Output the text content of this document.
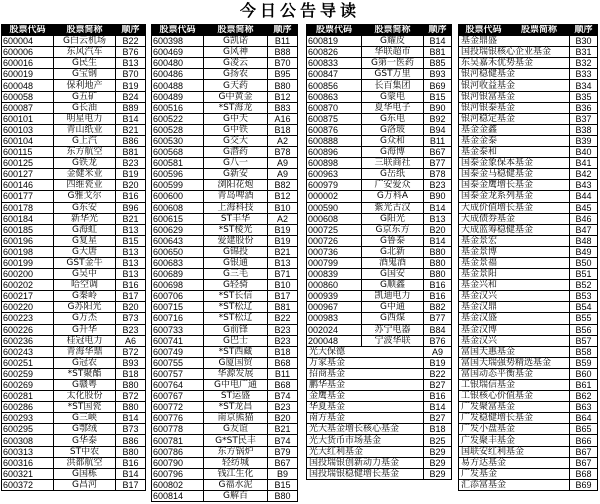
今日公告导读
股票代码	股票简称	顺序
600004	G白云机场	B22
600006	东风汽车	B76
600016	G民生	B13
600019	G宝钢	B70
600048	保利地产	B19
600058	G五矿	B24
600087	G长油	B89
600101	明星电力	B14
600103	青山纸业	B21
600104	G上汽	B86
600115	东方航空	B81
600125	G铁龙	B23
600127	金健米业	B19
600146	四维瓷业	B20
600177	G雅戈尔	B16
600178	G东安	B96
600184	新华光	B21
600185	G海虹	B13
600196	G复星	B15
600198	G大唐	B13
600199	GST金牛	B13
600200	G吴中	B13
600202	哈空调	B16
600217	G秦岭	B17
600220	G苏阳光	B20
600223	G万杰	B73
600226	G升华	B23
600236	桂冠电力	A6
600243	青海华鼎	B72
600251	G冠农	B93
600259	*ST聚酯	B18
600269	G赣粤	B80
600281	太化股份	B72
600286	*ST国瓷	B80
600293	G三峡	B14
600295	G鄂绒	B73
600308	G华泰	B86
600313	ST中农	B80
600316	洪都航空	B16
600321	G国栋	B14
600372	G昌河	B17
股票代码	股票简称	顺序
600398	G凯诺	B11
600469	G风神	B88
600480	G凌云	B70
600486	G扬农	B95
600488	G天药	B80
600489	G中黄金	B12
600516	*ST海龙	B83
600522	G中天	A16
600528	G中铁	B18
600530	G交大	A2
600568	G潜药	B78
600581	G八一	A9
600596	G新安	A9
600599	浏阳花炮	B82
600600	青岛啤酒	B12
600608	上海科技	B10
600615	ST丰华	A2
600629	*ST棱光	B19
600643	爱建股份	B19
600650	G锦投	B21
600683	G银通	B13
600689	G三毛	B71
600698	G轻骑	B10
600706	*ST长信	B17
600715	*ST松辽	B81
600716	*ST松辽	B22
600733	G前锋	B23
600741	G巴士	B23
600749	*ST西藏	B18
600755	G厦国贸	B68
600757	华源发展	B11
600764	G中电广通	B68
600767	ST运盛	B74
600772	*ST龙昌	B23
600776	南京熊猫	B20
600778	G友谊	B21
600781	G*ST民丰	B74
600786	东方锅炉	B79
600790	轻纺城	B67
600796	钱江生化	B9
600802	G福水泥	B15
600814	G解百	B80
股票代码	股票简称	顺序
600819	G耀皮	B14
600826	华联超市	B81
600833	G第一医药	B85
600847	GST万里	B93
600856	长百集团	B69
600863	G蒙电	B15
600870	夏华电子	B90
600875	G东电	B92
600876	G洛玻	B94
600888	G众和	B11
600896	G海博	B67
600898	三联商社	B77
600963	G岳纸	B78
600979	广安爱众	B23
000002	G万科A	B90
000590	紫光古汉	B14
000608	G阳光	B13
000725	G京东方	B20
000726	G鲁泰	B14
000736	G北新	B80
000799	酒鬼酒	B80
000839	G国安	B80
000860	G顺鑫	B16
000939	凯迪电力	B16
000967	G中通	B82
000983	G西煤	B77
002024	苏宁电器	B84
200048	宁波华联	B76
光大保德		A9
万家基金		B19
招商基金		B22
鹏华基金		B27
金鹰基金		B16
华夏基金		B14
南方基金		B27
光大基金增长核心基金		B18
光大货币市场基金		B25
光大红利基金		B29
国投瑞银创新动力基金		B29
国投瑞银稳健增长基金		B29
股票代码	股票简称	顺序
基金鼎盛		B30
国投瑞银核心企业基金		B31
东吴嘉禾优势基金		B32
银河稳健基金		B33
银河收益基金		B34
银河银富基金		B35
银河银泰基金		B36
银河稳定基金		B37
基金金鑫		B38
基金金泰		B39
基金泰和		B40
国泰金象保本基金		B41
国泰金马稳健基金		B42
国泰金鹰增长基金		B43
国泰金龙系列基金		B44
大成价值增长基金		B45
大成债券基金		B46
大成蓝筹稳健基金		B47
基金景宏		B48
基金景博		B49
基金景福		B50
基金景阳		B51
基金兴和		B52
基金汉兴		B53
基金汉鼎		B54
基金汉盛		B55
基金汉博		B56
基金汉兴		B57
富国天惠基金		B58
富国天瑞强势精选基金		B59
富国动态平衡基金		B60
工银瑞信基金		B61
工银核心价值基金		B62
广发聚富基金		B63
广发稳健增长基金		B64
广发小盘基金		B65
广发聚丰基金		B66
国联安红利基金		B67
易方达基金		B67
广发基金		B68
汇添富基金		B69
